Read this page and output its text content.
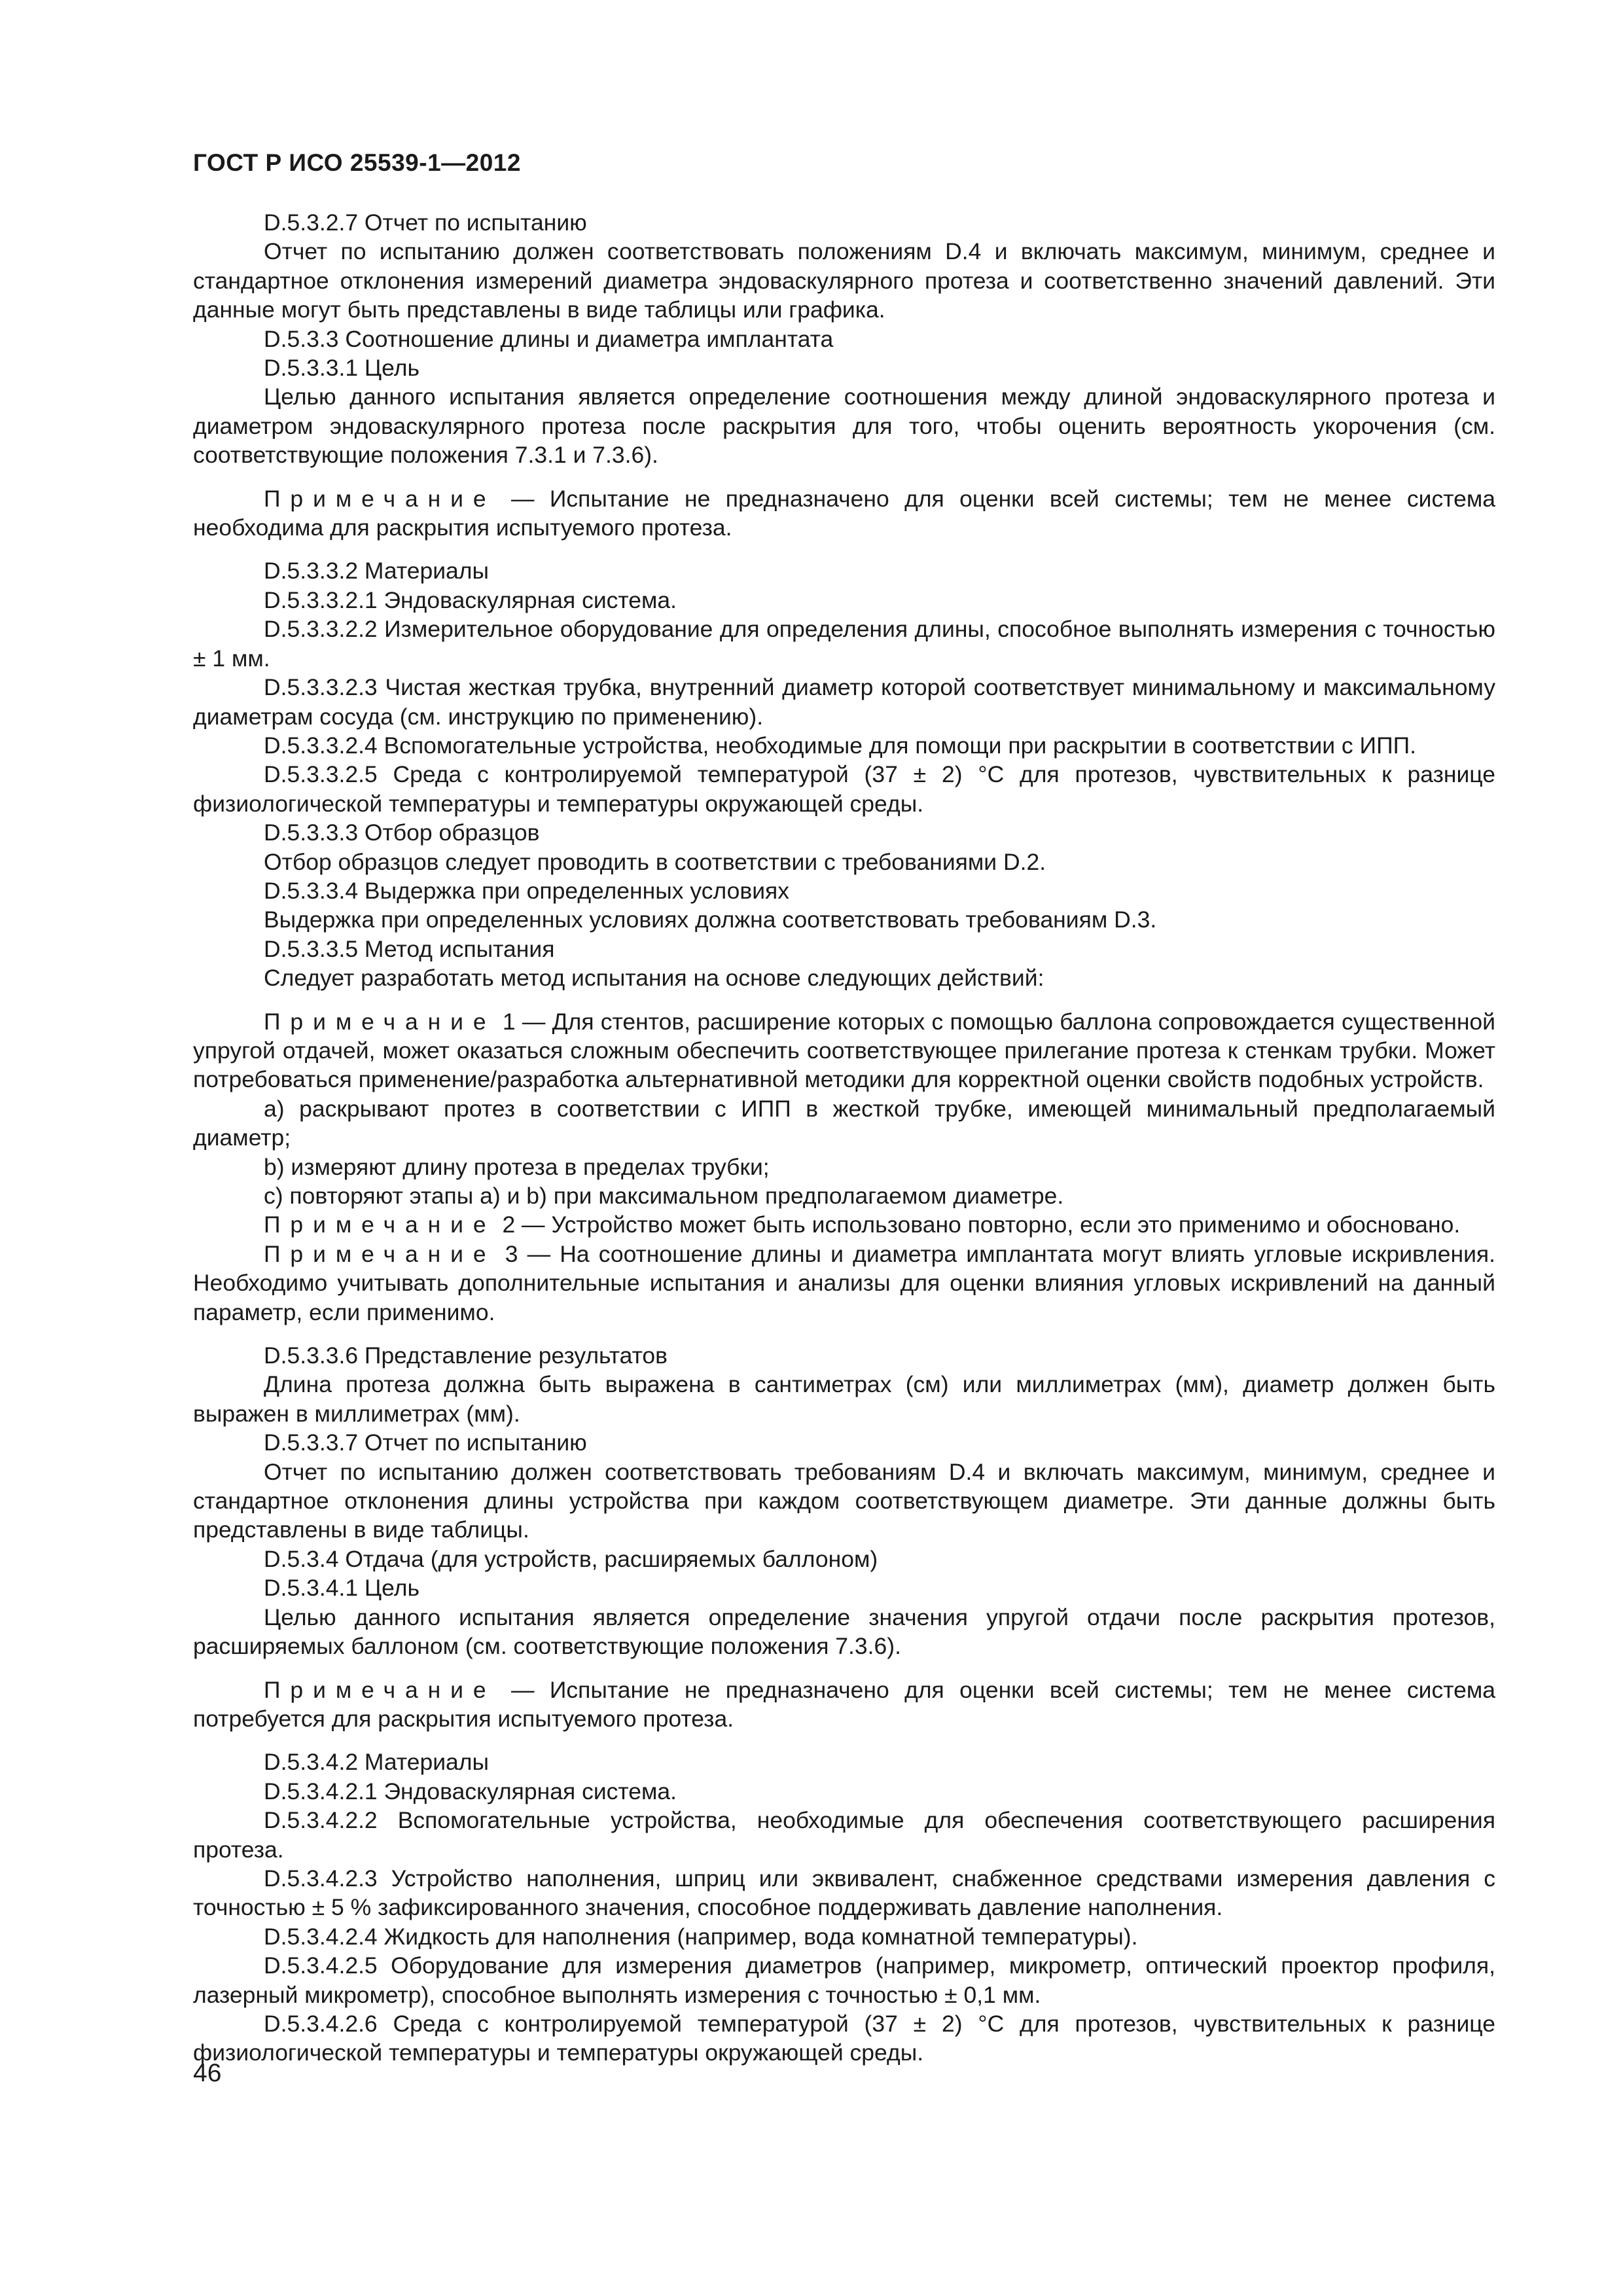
ГОСТ Р ИСО 25539-1—2012

D.5.3.2.7 Отчет по испытанию

Отчет по испытанию должен соответствовать положениям D.4 и включать максимум, минимум, среднее и стандартное отклонения измерений диаметра эндоваскулярного протеза и соответственно значений давлений. Эти данные могут быть представлены в виде таблицы или графика.

D.5.3.3 Соотношение длины и диаметра имплантата

D.5.3.3.1 Цель

Целью данного испытания является определение соотношения между длиной эндоваскулярного протеза и диаметром эндоваскулярного протеза после раскрытия для того, чтобы оценить вероятность укорочения (см. соответствующие положения 7.3.1 и 7.3.6).

Примечание — Испытание не предназначено для оценки всей системы; тем не менее система необходима для раскрытия испытуемого протеза.

D.5.3.3.2 Материалы

D.5.3.3.2.1 Эндоваскулярная система.

D.5.3.3.2.2 Измерительное оборудование для определения длины, способное выполнять измерения с точностью ± 1 мм.

D.5.3.3.2.3 Чистая жесткая трубка, внутренний диаметр которой соответствует минимальному и максимальному диаметрам сосуда (см. инструкцию по применению).

D.5.3.3.2.4 Вспомогательные устройства, необходимые для помощи при раскрытии в соответствии с ИПП.

D.5.3.3.2.5 Среда с контролируемой температурой (37 ± 2) °С для протезов, чувствительных к разнице физиологической температуры и температуры окружающей среды.

D.5.3.3.3 Отбор образцов

Отбор образцов следует проводить в соответствии с требованиями D.2.

D.5.3.3.4 Выдержка при определенных условиях

Выдержка при определенных условиях должна соответствовать требованиям D.3.

D.5.3.3.5 Метод испытания

Следует разработать метод испытания на основе следующих действий:

Примечание 1 — Для стентов, расширение которых с помощью баллона сопровождается существенной упругой отдачей, может оказаться сложным обеспечить соответствующее прилегание протеза к стенкам трубки. Может потребоваться применение/разработка альтернативной методики для корректной оценки свойств подобных устройств.

а) раскрывают протез в соответствии с ИПП в жесткой трубке, имеющей минимальный предполагаемый диаметр;

b) измеряют длину протеза в пределах трубки;

с) повторяют этапы а) и b) при максимальном предполагаемом диаметре.

Примечание 2 — Устройство может быть использовано повторно, если это применимо и обосновано.

Примечание 3 — На соотношение длины и диаметра имплантата могут влиять угловые искривления. Необходимо учитывать дополнительные испытания и анализы для оценки влияния угловых искривлений на данный параметр, если применимо.

D.5.3.3.6 Представление результатов

Длина протеза должна быть выражена в сантиметрах (см) или миллиметрах (мм), диаметр должен быть выражен в миллиметрах (мм).

D.5.3.3.7 Отчет по испытанию

Отчет по испытанию должен соответствовать требованиям D.4 и включать максимум, минимум, среднее и стандартное отклонения длины устройства при каждом соответствующем диаметре. Эти данные должны быть представлены в виде таблицы.

D.5.3.4 Отдача (для устройств, расширяемых баллоном)

D.5.3.4.1 Цель

Целью данного испытания является определение значения упругой отдачи после раскрытия протезов, расширяемых баллоном (см. соответствующие положения 7.3.6).

Примечание — Испытание не предназначено для оценки всей системы; тем не менее система потребуется для раскрытия испытуемого протеза.

D.5.3.4.2 Материалы

D.5.3.4.2.1 Эндоваскулярная система.

D.5.3.4.2.2 Вспомогательные устройства, необходимые для обеспечения соответствующего расширения протеза.

D.5.3.4.2.3 Устройство наполнения, шприц или эквивалент, снабженное средствами измерения давления с точностью ± 5 % зафиксированного значения, способное поддерживать давление наполнения.

D.5.3.4.2.4 Жидкость для наполнения (например, вода комнатной температуры).

D.5.3.4.2.5 Оборудование для измерения диаметров (например, микрометр, оптический проектор профиля, лазерный микрометр), способное выполнять измерения с точностью ± 0,1 мм.

D.5.3.4.2.6 Среда с контролируемой температурой (37 ± 2) °С для протезов, чувствительных к разнице физиологической температуры и температуры окружающей среды.

46
